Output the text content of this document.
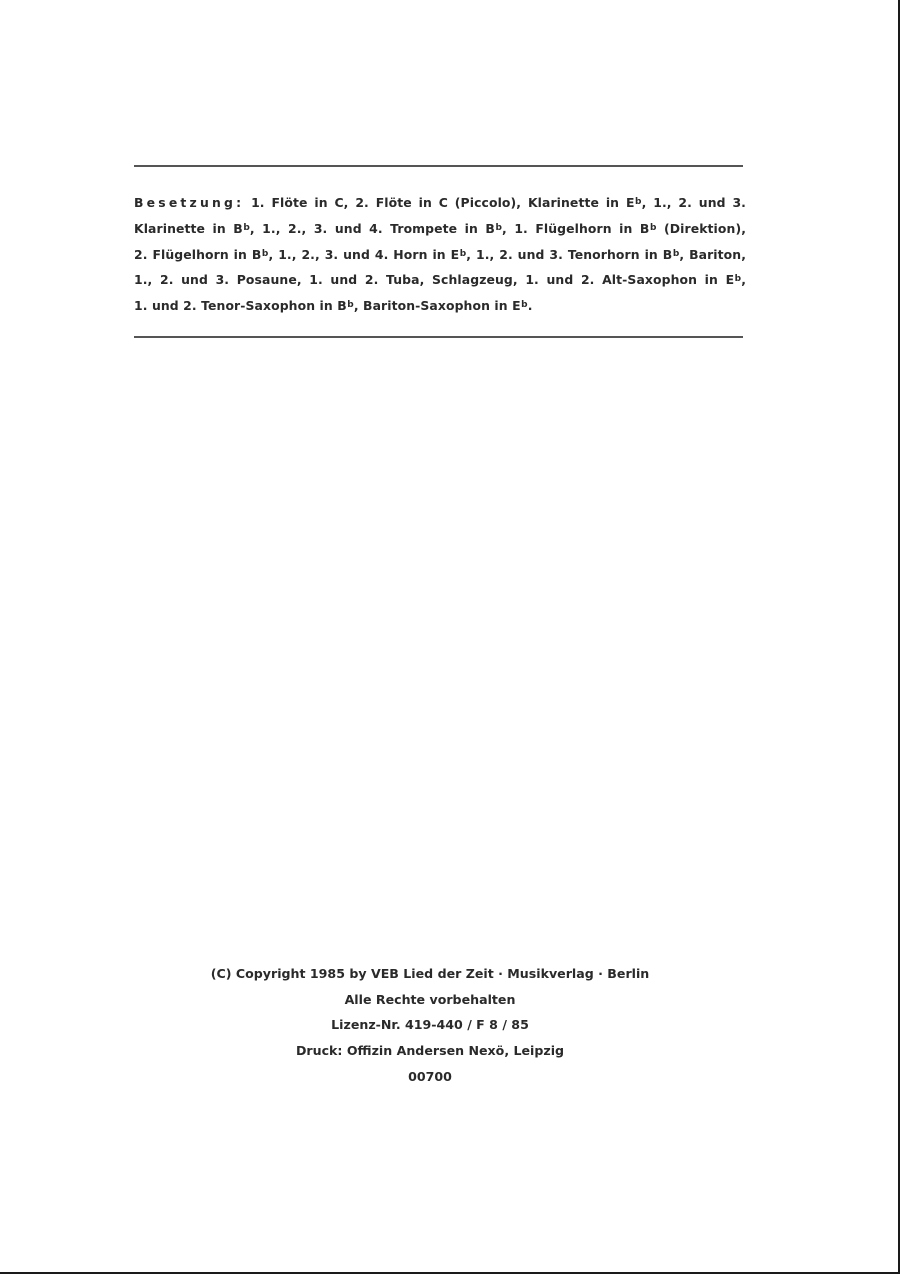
Besetzung: 1. Flöte in C, 2. Flöte in C (Piccolo), Klarinette in $E^b$, 1., 2. und 3.
Klarinette in $B^b$, 1., 2., 3. und 4. Trompete in $B^b$, 1. Flügelhorn in $B^b$ (Direktion),
2. Flügelhorn in $B^b$, 1., 2., 3. und 4. Horn in $E^b$, 1., 2. und 3. Tenorhorn in $B^b$, Bariton,
1., 2. und 3. Posaune, 1. und 2. Tuba, Schlagzeug, 1. und 2. Alt-Saxophon in $E^b$,
1. und 2. Tenor-Saxophon in $B^b$, Bariton-Saxophon in $E^b$.
(C) Copyright 1985 by VEB Lied der Zeit · Musikverlag · Berlin
Alle Rechte vorbehalten
Lizenz-Nr. 419-440 / F 8 / 85
Druck: Offizin Andersen Nexö, Leipzig
00700
